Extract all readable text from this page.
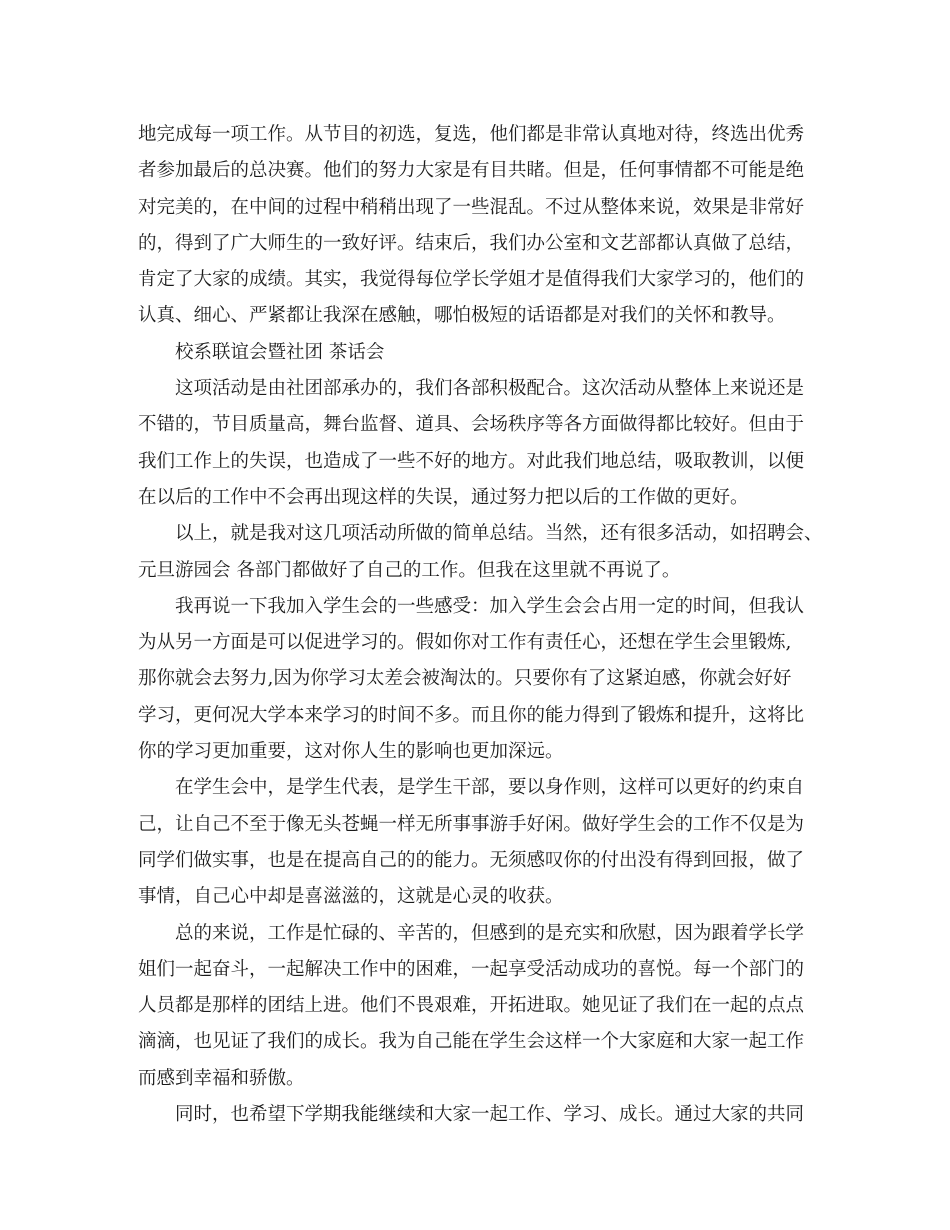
地完成每一项工作。从节目的初选，复选，他们都是非常认真地对待，终选出优秀
者参加最后的总决赛。他们的努力大家是有目共睹。但是，任何事情都不可能是绝
对完美的，在中间的过程中稍稍出现了一些混乱。不过从整体来说，效果是非常好
的，得到了广大师生的一致好评。结束后，我们办公室和文艺部都认真做了总结，
肯定了大家的成绩。其实，我觉得每位学长学姐才是值得我们大家学习的，他们的
认真、细心、严紧都让我深在感触，哪怕极短的话语都是对我们的关怀和教导。
校系联谊会暨社团 茶话会
这项活动是由社团部承办的，我们各部积极配合。这次活动从整体上来说还是
不错的，节目质量高，舞台监督、道具、会场秩序等各方面做得都比较好。但由于
我们工作上的失误，也造成了一些不好的地方。对此我们地总结，吸取教训，以便
在以后的工作中不会再出现这样的失误，通过努力把以后的工作做的更好。
以上，就是我对这几项活动所做的简单总结。当然，还有很多活动，如招聘会、
元旦游园会 各部门都做好了自己的工作。但我在这里就不再说了。
我再说一下我加入学生会的一些感受：加入学生会会占用一定的时间，但我认
为从另一方面是可以促进学习的。假如你对工作有责任心，还想在学生会里锻炼,
那你就会去努力,因为你学习太差会被淘汰的。只要你有了这紧迫感，你就会好好
学习，更何况大学本来学习的时间不多。而且你的能力得到了锻炼和提升，这将比
你的学习更加重要，这对你人生的影响也更加深远。
在学生会中，是学生代表，是学生干部，要以身作则，这样可以更好的约束自
己，让自己不至于像无头苍蝇一样无所事事游手好闲。做好学生会的工作不仅是为
同学们做实事，也是在提高自己的的能力。无须感叹你的付出没有得到回报，做了
事情，自己心中却是喜滋滋的，这就是心灵的收获。
总的来说，工作是忙碌的、辛苦的，但感到的是充实和欣慰，因为跟着学长学
姐们一起奋斗，一起解决工作中的困难，一起享受活动成功的喜悦。每一个部门的
人员都是那样的团结上进。他们不畏艰难，开拓进取。她见证了我们在一起的点点
滴滴，也见证了我们的成长。我为自己能在学生会这样一个大家庭和大家一起工作
而感到幸福和骄傲。
同时，也希望下学期我能继续和大家一起工作、学习、成长。通过大家的共同
